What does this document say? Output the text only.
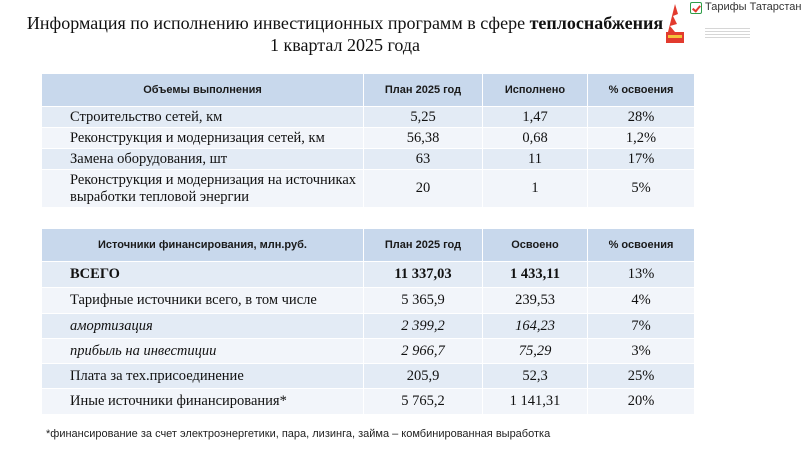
Информация по исполнению инвестиционных программ в сфере теплоснабжения
1 квартал 2025 года
Тарифы Татарстан
Объемы выполнения	План 2025 год	Исполнено	% освоения
Строительство сетей, км	5,25	1,47	28%
Реконструкция и модернизация сетей, км	56,38	0,68	1,2%
Замена оборудования, шт	63	11	17%
Реконструкция и модернизация на источниках выработки тепловой энергии	20	1	5%
Источники финансирования, млн.руб.	План 2025 год	Освоено	% освоения
ВСЕГО	11 337,03	1 433,11	13%
Тарифные источники всего, в том числе	5 365,9	239,53	4%
амортизация	2 399,2	164,23	7%
прибыль на инвестиции	2 966,7	75,29	3%
Плата за тех.присоединение	205,9	52,3	25%
Иные источники финансирования*	5 765,2	1 141,31	20%
*финансирование за счет электроэнергетики, пара, лизинга, займа – комбинированная выработка
